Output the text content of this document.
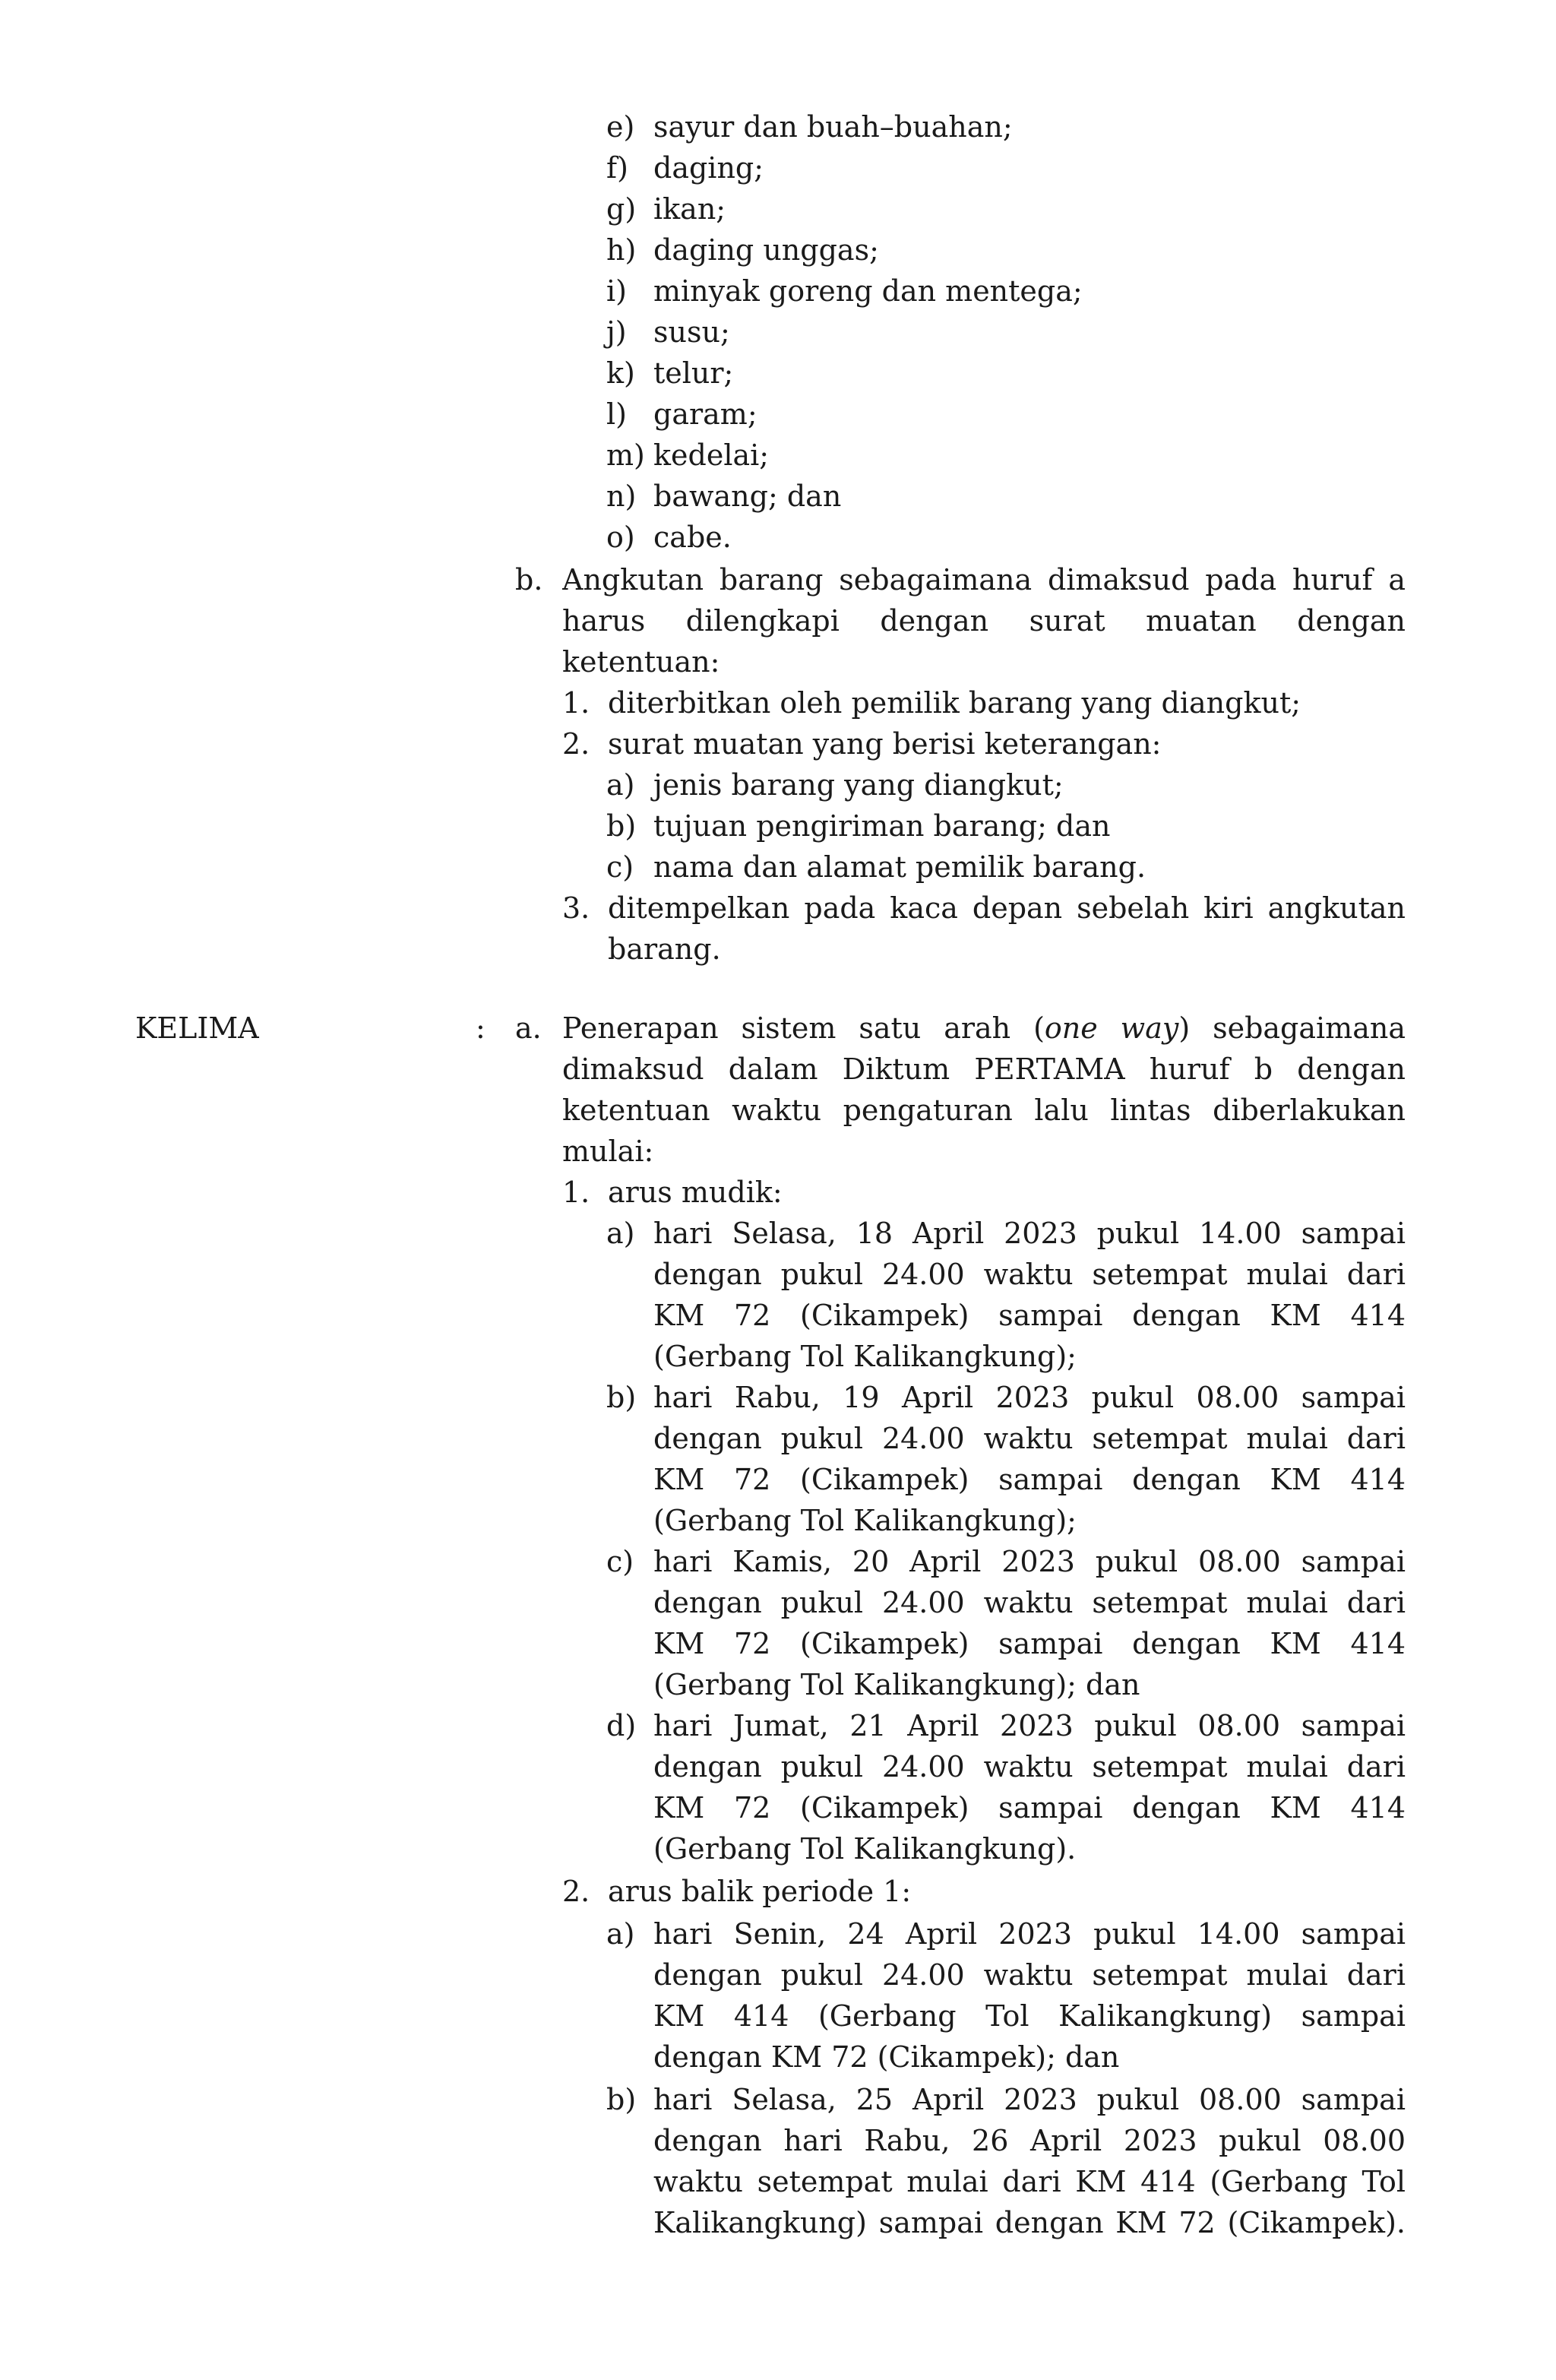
e) sayur dan buah–buahan;
f) daging;
g) ikan;
h) daging unggas;
i) minyak goreng dan mentega;
j) susu;
k) telur;
l) garam;
m) kedelai;
n) bawang; dan
o) cabe.
b. Angkutan barang sebagaimana dimaksud pada huruf a
harus dilengkapi dengan surat muatan dengan
ketentuan:
1. diterbitkan oleh pemilik barang yang diangkut;
2. surat muatan yang berisi keterangan:
a) jenis barang yang diangkut;
b) tujuan pengiriman barang; dan
c) nama dan alamat pemilik barang.
3. ditempelkan pada kaca depan sebelah kiri angkutan
barang.
KELIMA	: a. Penerapan sistem satu arah (one way) sebagaimana
dimaksud dalam Diktum PERTAMA huruf b dengan
ketentuan waktu pengaturan lalu lintas diberlakukan
mulai:
1. arus mudik:
a) hari Selasa, 18 April 2023 pukul 14.00 sampai
dengan pukul 24.00 waktu setempat mulai dari
KM 72 (Cikampek) sampai dengan KM 414
(Gerbang Tol Kalikangkung);
b) hari Rabu, 19 April 2023 pukul 08.00 sampai
dengan pukul 24.00 waktu setempat mulai dari
KM 72 (Cikampek) sampai dengan KM 414
(Gerbang Tol Kalikangkung);
c) hari Kamis, 20 April 2023 pukul 08.00 sampai
dengan pukul 24.00 waktu setempat mulai dari
KM 72 (Cikampek) sampai dengan KM 414
(Gerbang Tol Kalikangkung); dan
d) hari Jumat, 21 April 2023 pukul 08.00 sampai
dengan pukul 24.00 waktu setempat mulai dari
KM 72 (Cikampek) sampai dengan KM 414
(Gerbang Tol Kalikangkung).
2. arus balik periode 1:
a) hari Senin, 24 April 2023 pukul 14.00 sampai
dengan pukul 24.00 waktu setempat mulai dari
KM 414 (Gerbang Tol Kalikangkung) sampai
dengan KM 72 (Cikampek); dan
b) hari Selasa, 25 April 2023 pukul 08.00 sampai
dengan hari Rabu, 26 April 2023 pukul 08.00
waktu setempat mulai dari KM 414 (Gerbang Tol
Kalikangkung) sampai dengan KM 72 (Cikampek).
